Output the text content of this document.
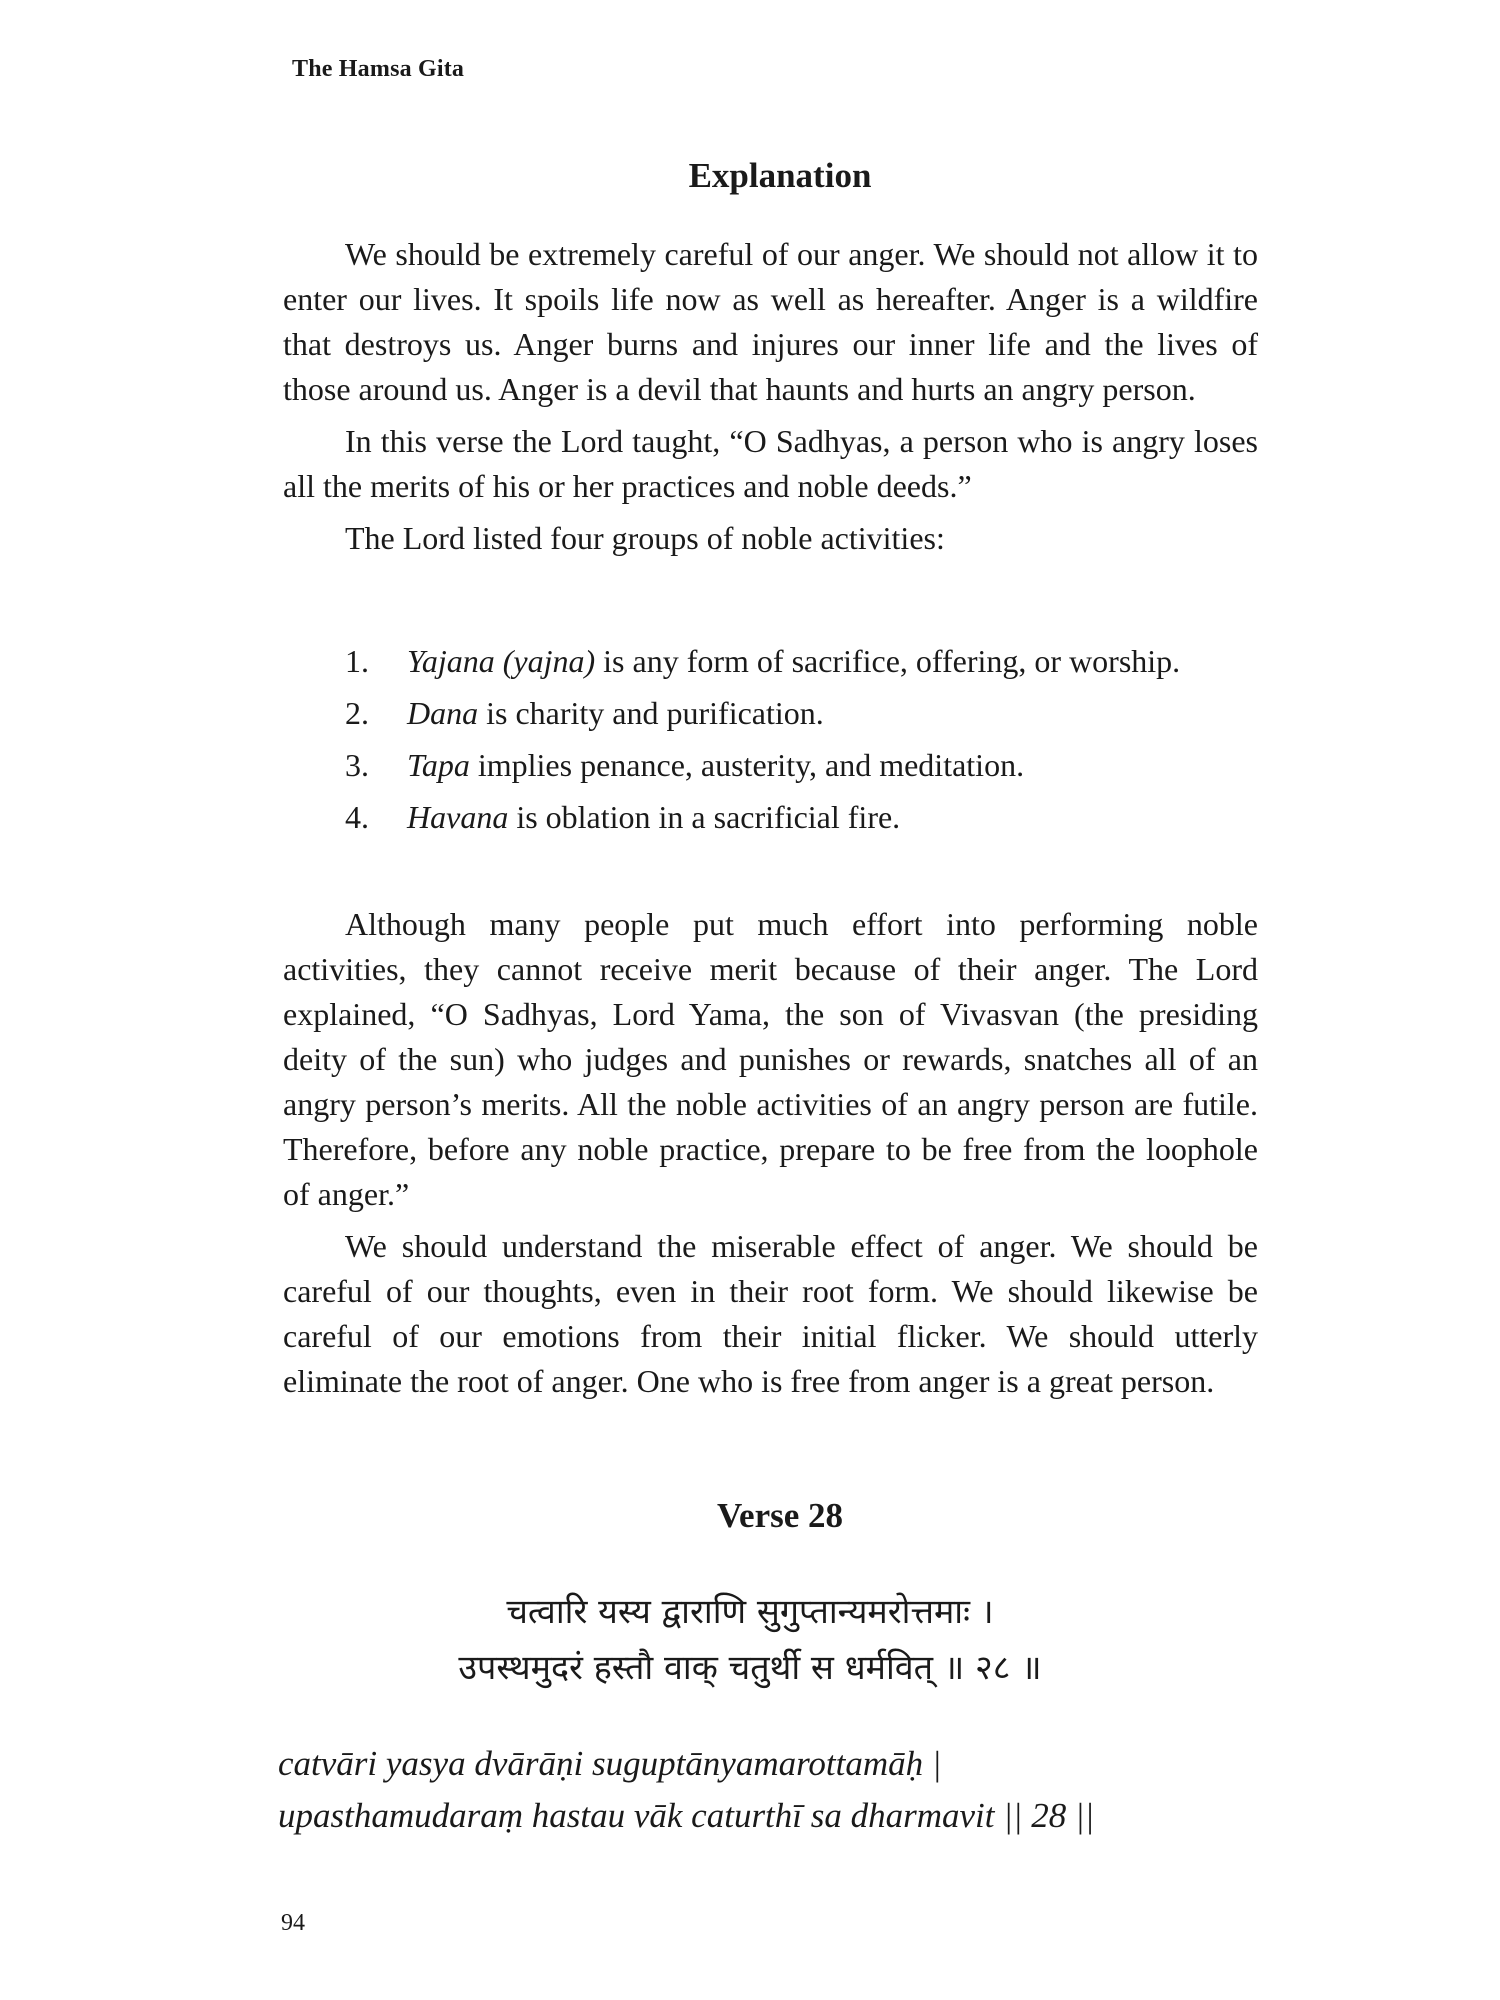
The Hamsa Gita
Explanation

We should be extremely careful of our anger. We should not allow it to enter our lives. It spoils life now as well as hereafter. Anger is a wildfire that destroys us. Anger burns and injures our inner life and the lives of those around us. Anger is a devil that haunts and hurts an angry person.

In this verse the Lord taught, “O Sadhyas, a person who is angry loses all the merits of his or her practices and noble deeds.”

The Lord listed four groups of noble activities:

1. Yajana (yajna) is any form of sacrifice, offering, or worship.
2. Dana is charity and purification.
3. Tapa implies penance, austerity, and meditation.
4. Havana is oblation in a sacrificial fire.

Although many people put much effort into performing noble activities, they cannot receive merit because of their anger. The Lord explained, “O Sadhyas, Lord Yama, the son of Vivasvan (the presiding deity of the sun) who judges and punishes or rewards, snatches all of an angry person’s merits. All the noble activities of an angry person are futile. Therefore, before any noble practice, prepare to be free from the loophole of anger.”

We should understand the miserable effect of anger. We should be careful of our thoughts, even in their root form. We should likewise be careful of our emotions from their initial flicker. We should utterly eliminate the root of anger. One who is free from anger is a great person.

Verse 28
चत्वारि यस्य द्वाराणि सुगुप्तान्यमरोत्तमाः ।
उपस्थमुदरं हस्तौ वाक् चतुर्थी स धर्मवित् ॥ २८ ॥
catvāri yasya dvārāṇi suguptānyamarottamāḥ |
upasthamudaraṃ hastau vāk caturthī sa dharmavit || 28 ||
94
